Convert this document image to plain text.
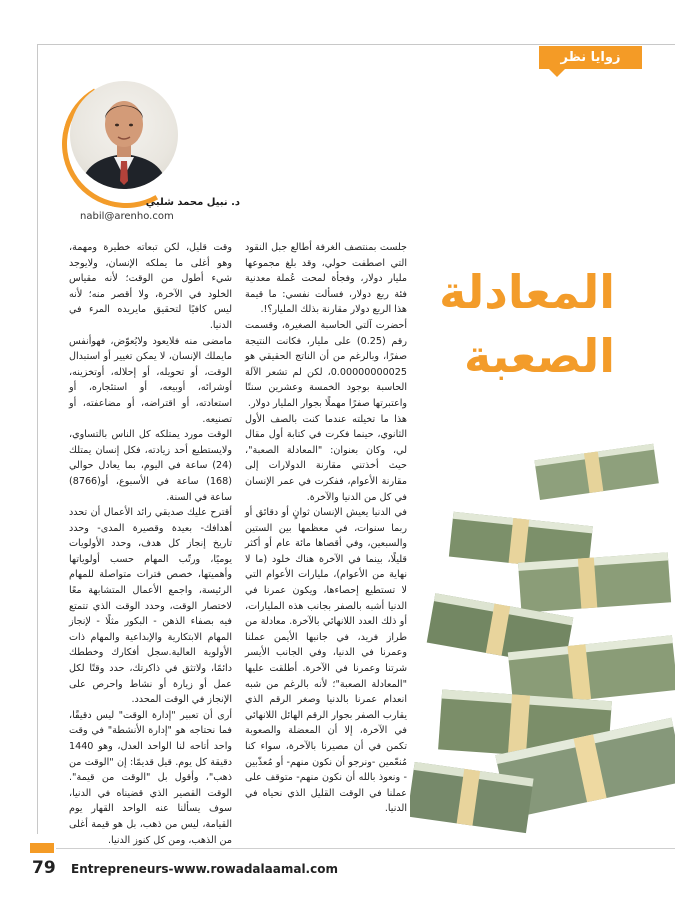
زوايا نظر
د. نبيل محمد شلبي
nabil@arenho.com
المعادلة
الصعبة

جلست بمنتصف الغرفة أطالع جبل النقود التي اصطفت حولي، وقد بلغ مجموعها مليار دولار، وفجأة لمحت عُملة معدنية فئة ربع دولار، فسألت نفسي: ما قيمة هذا الربع دولار مقارنة بذلك المليار؟!.

أحضرت آلتي الحاسبة الصغيرة، وقسمت رقم (0.25) على مليار، فكانت النتيجة صفرًا، وبالرغم من أن الناتج الحقيقي هو 0.00000000025، لكن لم تشعر الآلة الحاسبة بوجود الخمسة وعشرين سنتًا واعتبرتها صفرًا مهملًا بجوار المليار دولار.

هذا ما تخيلته عندما كنت بالصف الأول الثانوي، حينما فكرت في كتابة أول مقال لي، وكان بعنوان: "المعادلة الصعبة"، حيث أخذتني مقارنة الدولارات إلى مقارنة الأعوام، ففكرت في عمر الإنسان في كل من الدنيا والآخرة.

في الدنيا يعيش الإنسان ثوانٍ أو دقائق أو ربما سنوات، في معظمها بين الستين والسبعين، وفي أقصاها مائة عام أو أكثر قليلًا، بينما في الآخرة هناك خلود (ما لا نهاية من الأعوام)، مليارات الأعوام التي لا تستطيع إحصاءها، ويكون عمرنا في الدنيا أشبه بالصفر بجانب هذه المليارات، أو ذلك العدد اللانهائي بالآخرة. معادلة من طراز فريد، في جانبها الأيمن عملنا وعمرنا في الدنيا، وفي الجانب الأيسر شرتنا وعمرنا في الآخرة. أطلقت عليها "المعادلة الصعبة"؛ لأنه بالرغم من شبه انعدام عمرنا بالدنيا وصغر الرقم الذي يقارب الصفر بجوار الرقم الهائل اللانهائي في الآخرة، إلا أن المعضلة والصعوبة تكمن في أن مصيرنا بالآخرة، سواء كنا مُنعّمين -ونرجو أن نكون منهم- أو مُعذّبين - ونعوذ بالله أن نكون منهم- متوقف على عملنا في الوقت القليل الذي نحياه في الدنيا.

وقت قليل، لكن تبعاته خطيرة ومهمة، وهو أغلى ما يملكه الإنسان، ولايوجد شيء أطول من الوقت؛ لأنه مقياس الخلود في الآخرة، ولا أقصر منه؛ لأنه ليس كافيًا لتحقيق مايريده المرء في الدنيا.

مامضى منه فلايعود ولايُعوّض، فهوأنفس مايملك الإنسان، لا يمكن تغيير أو استبدال الوقت، أو تحويله، أو إحلاله، أوتخزينه، أوشرائه، أوبيعه، أو استئجاره، أو استعادته، أو اقتراضه، أو مضاعفته، أو تصنيعه.

الوقت مورد يمتلكه كل الناس بالتساوي، ولايستطيع أحد زيادته، فكل إنسان يمتلك (24) ساعة في اليوم، بما يعادل حوالي (168) ساعة في الأسبوع، أو(8766) ساعة في السنة.

أقترح عليك صديقي رائد الأعمال أن تحدد أهدافك- بعيدة وقصيرة المدى- وحدد تاريخ إنجاز كل هدف، وحدد الأولويات يوميًا، ورتّب المهام حسب أولوياتها وأهميتها، خصص فترات متواصلة للمهام الرئيسة، واجمع الأعمال المتشابهة معًا لاختصار الوقت، وحدد الوقت الذي تتمتع فيه بصفاء الذهن - البكور مثلًا - لإنجاز المهام الابتكارية والإبداعية والمهام ذات الأولوية العالية.سجل أفكارك وخططك دائمًا، ولاتثق في ذاكرتك، حدد وقتًا لكل عمل أو زيارة أو نشاط واحرص على الإنجاز في الوقت المحدد.

أرى أن تعبير "إدارة الوقت" ليس دقيقًا، فما نحتاجه هو "إدارة الأنشطة" في وقت واحد أتاحه لنا الواحد العدل، وهو 1440 دقيقة كل يوم. قيل قديمًا: إن "الوقت من ذهب"، وأقول بل "الوقت من قيمة". الوقت القصير الذي قضيناه في الدنيا، سوف يسألنا عنه الواحد القهار يوم القيامة، ليس من ذهب، بل هو قيمة أغلى من الذهب، ومن كل كنوز الدنيا.

79 Entrepreneurs-www.rowadalaamal.com
